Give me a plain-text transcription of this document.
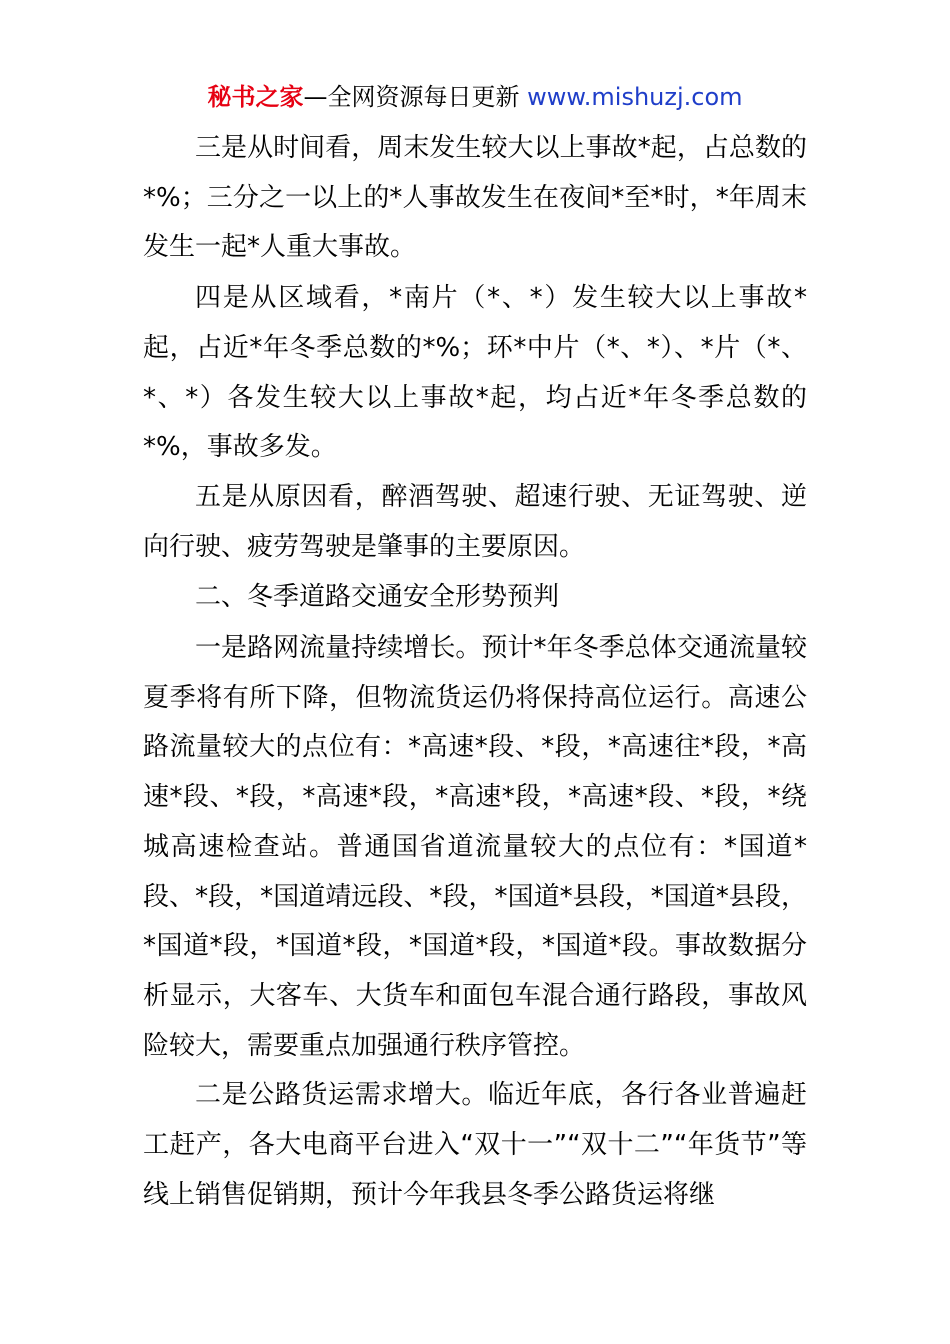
秘书之家—全网资源每日更新 www.mishuzj.com

三是从时间看，周末发生较大以上事故*起，占总数的*%；三分之一以上的*人事故发生在夜间*至*时，*年周末发生一起*人重大事故。

四是从区域看，*南片（*、*）发生较大以上事故*起，占近*年冬季总数的*%；环*中片（*、*）、*片（*、*、*）各发生较大以上事故*起，均占近*年冬季总数的*%，事故多发。

五是从原因看，醉酒驾驶、超速行驶、无证驾驶、逆向行驶、疲劳驾驶是肇事的主要原因。

二、冬季道路交通安全形势预判

一是路网流量持续增长。预计*年冬季总体交通流量较夏季将有所下降，但物流货运仍将保持高位运行。高速公路流量较大的点位有：*高速*段、*段，*高速往*段，*高速*段、*段，*高速*段，*高速*段，*高速*段、*段，*绕城高速检查站。普通国省道流量较大的点位有：*国道*段、*段，*国道靖远段、*段，*国道*县段，*国道*县段，*国道*段，*国道*段，*国道*段，*国道*段。事故数据分析显示，大客车、大货车和面包车混合通行路段，事故风险较大，需要重点加强通行秩序管控。

二是公路货运需求增大。临近年底，各行各业普遍赶工赶产，各大电商平台进入“双十一”“双十二”“年货节”等线上销售促销期，预计今年我县冬季公路货运将继
